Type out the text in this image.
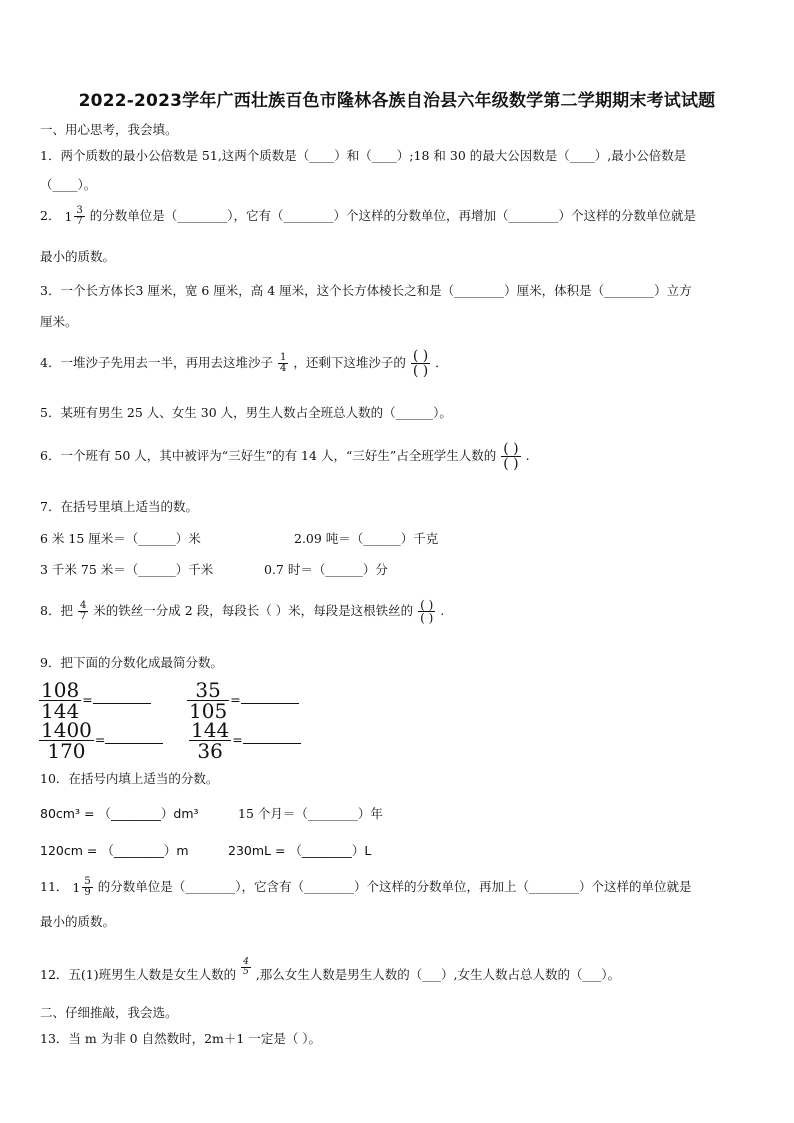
2022-2023学年广西壮族百色市隆林各族自治县六年级数学第二学期期末考试试题
一、用心思考，我会填。
1．两个质数的最小公倍数是 51,这两个质数是（____）和（____）;18 和 30 的最大公因数是（____）,最小公倍数是
（____）。
2． $1 \frac{3}{7}$ 的分数单位是（________），它有（________）个这样的分数单位，再增加（________）个这样的分数单位就是
最小的质数。
3．一个长方体长3 厘米，宽 6 厘米，高 4 厘米，这个长方体棱长之和是（________）厘米，体积是（________）立方
厘米。
4．一堆沙子先用去一半，再用去这堆沙子 $\frac{1}{4}$ ，还剩下这堆沙子的 $\frac{( )}{( )}$ ．
5．某班有男生 25 人、女生 30 人，男生人数占全班总人数的（______）。
6．一个班有 50 人，其中被评为“三好生”的有 14 人，“三好生”占全班学生人数的 $\frac{( )}{( )}$ .
7．在括号里填上适当的数。
6 米 15 厘米＝（______）米	2.09 吨＝（______）千克
3 千米 75 米＝（______）千米	0.7 时＝（______）分
8．把 $\frac{4}{7}$ 米的铁丝一分成 2 段，每段长（ ）米，每段是这根铁丝的 $\frac{( )}{( )}$ .
9．把下面的分数化成最简分数。
$\frac{108}{144}$ =	$\frac{35}{105}$ =
$\frac{1400}{170}$ =	$\frac{144}{36}$ =
10．在括号内填上适当的分数。
80cm³ = （________）dm³	15 个月＝（________）年
120cm = （________）m	230mL = （________）L
11． $1 \frac{5}{9}$ 的分数单位是（________），它含有（________）个这样的分数单位，再加上（________）个这样的单位就是
最小的质数。
12．五(1)班男生人数是女生人数的 $\frac{4}{5}$ ,那么女生人数是男生人数的（___）,女生人数占总人数的（___）。
二、仔细推敲，我会选。
13．当 m 为非 0 自然数时，2m＋1 一定是（ ）。
